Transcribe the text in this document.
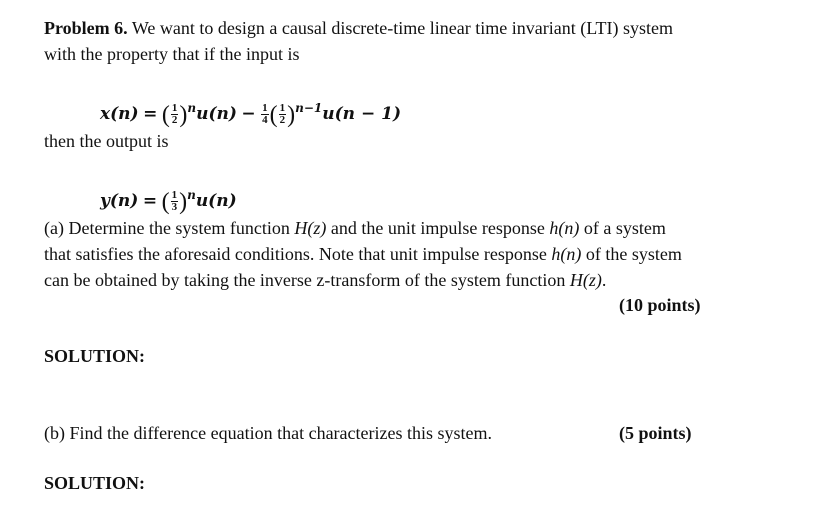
Problem 6. We want to design a causal discrete-time linear time invariant (LTI) system
with the property that if the input is
x(n) = ( $\frac{1}{2} )^nu(n) - \frac{1}{4}$ ( $\frac{1}{2} )^{n-1}u(n - 1)$
then the output is
y(n) = ( $\frac{1}{3} )^nu(n)$
(a) Determine the system function H(z) and the unit impulse response h(n) of a system
that satisfies the aforesaid conditions. Note that unit impulse response h(n) of the system
can be obtained by taking the inverse z-transform of the system function H(z).
(10 points)
SOLUTION:
(b) Find the difference equation that characterizes this system.	(5 points)
SOLUTION:
